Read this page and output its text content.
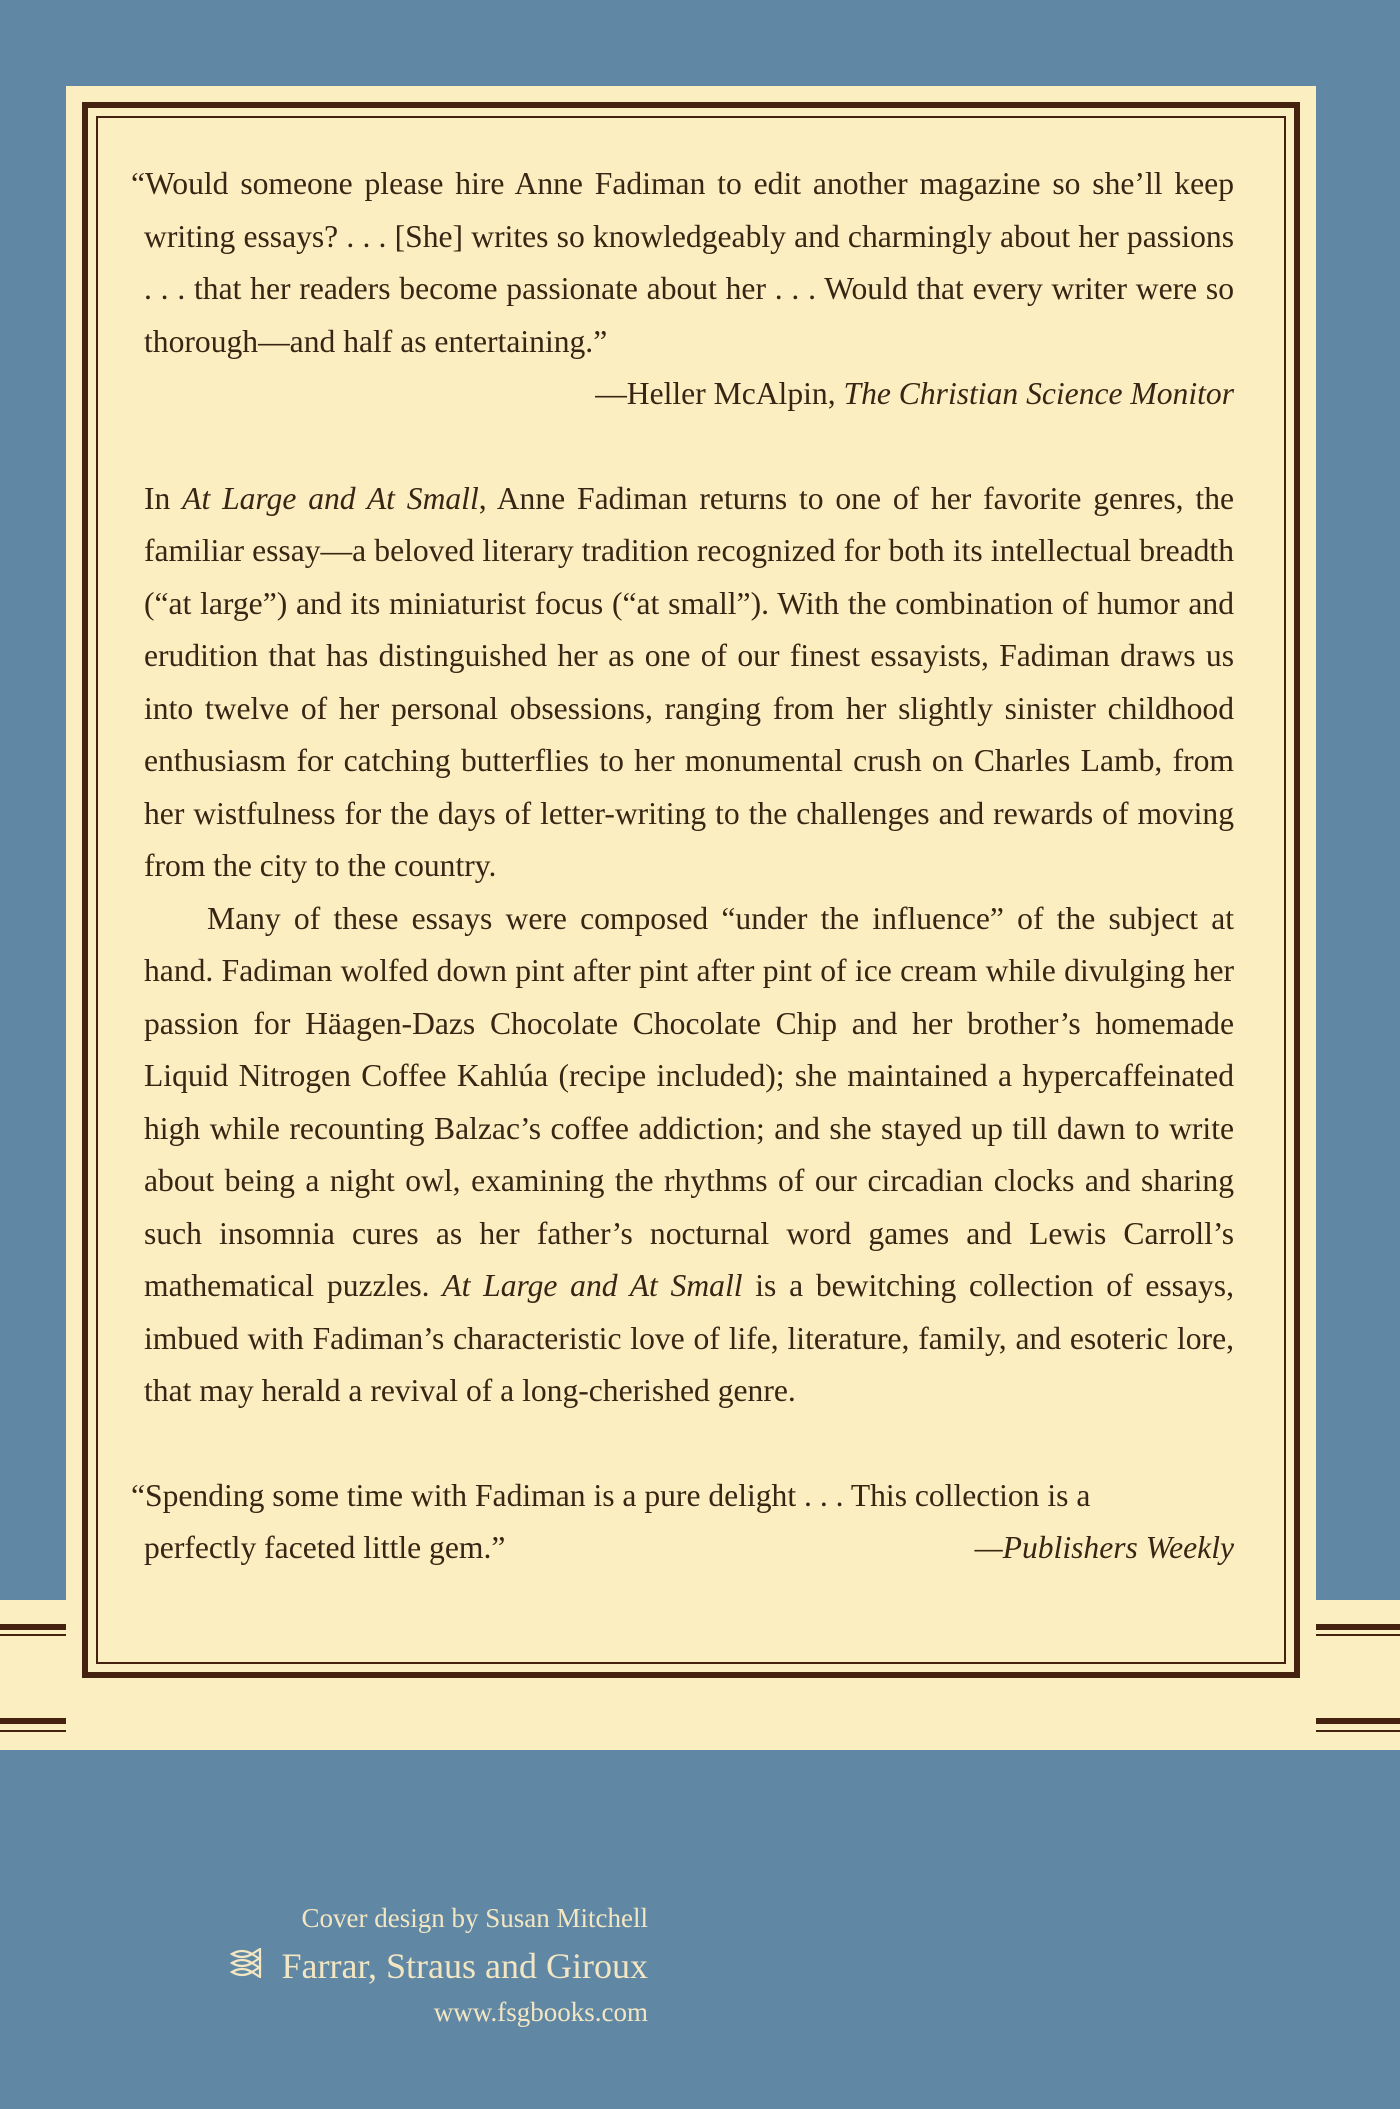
“Would someone please hire Anne Fadiman to edit another magazine so she’ll keep writing essays? . . . [She] writes so knowledgeably and charmingly about her passions . . . that her readers become passionate about her . . . Would that every writer were so thorough—and half as entertaining.”

—Heller McAlpin, The Christian Science Monitor

In At Large and At Small, Anne Fadiman returns to one of her favorite genres, the familiar essay—a beloved literary tradition recognized for both its intellectual breadth (“at large”) and its miniaturist focus (“at small”). With the combination of humor and erudition that has distinguished her as one of our finest essayists, Fadiman draws us into twelve of her personal obsessions, ranging from her slightly sinister childhood enthusiasm for catching butterflies to her monumental crush on Charles Lamb, from her wistfulness for the days of letter-writing to the challenges and rewards of moving from the city to the country.

Many of these essays were composed “under the influence” of the subject at hand. Fadiman wolfed down pint after pint after pint of ice cream while divulging her passion for Häagen-Dazs Chocolate Chocolate Chip and her brother’s homemade Liquid Nitrogen Coffee Kahlúa (recipe included); she maintained a hypercaffeinated high while recounting Balzac’s coffee addiction; and she stayed up till dawn to write about being a night owl, examining the rhythms of our circadian clocks and sharing such insomnia cures as her father’s nocturnal word games and Lewis Carroll’s mathematical puzzles. At Large and At Small is a bewitching collection of essays, imbued with Fadiman’s characteristic love of life, literature, family, and esoteric lore, that may herald a revival of a long-cherished genre.

“Spending some time with Fadiman is a pure delight . . . This collection is a

perfectly faceted little gem.”	—Publishers Weekly
Cover design by Susan Mitchell
Farrar, Straus and Giroux
www.fsgbooks.com
